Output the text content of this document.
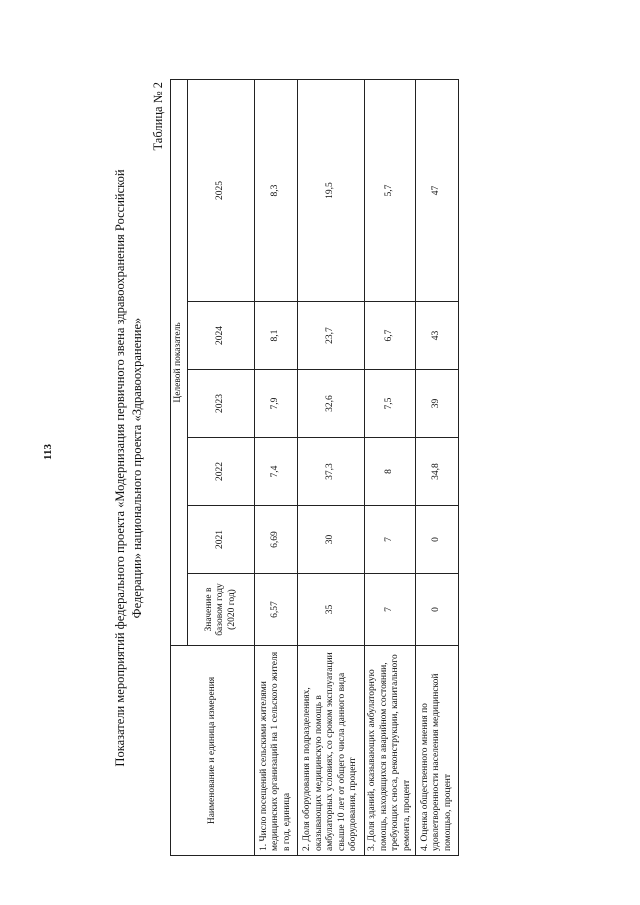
113	Показатели мероприятий федерального проекта «Модернизация первичного звена здравоохранения Российской Федерации» национального проекта «Здравоохранение»

Таблица № 2
Наименование и единица измерения	Целевой показатель					
	Значение в базовом году (2020 год)	2021	2022	2023	2024	2025
1. Число посещений сельскими жителями медицинских организаций на 1 сельского жителя в год, единица	6,57	6,69	7,4	7,9	8,1	8,3
2. Доля оборудования в подразделениях, оказывающих медицинскую помощь в амбулаторных условиях, со сроком эксплуатации свыше 10 лет от общего числа данного вида оборудования, процент	35	30	37,3	32,6	23,7	19,5
3. Доля зданий, оказывающих амбулаторную помощь, находящихся в аварийном состоянии, требующих сноса, реконструкции, капитального ремонта, процент	7	7	8	7,5	6,7	5,7
4. Оценка общественного мнения по удовлетворенности населения медицинской помощью, процент	0	0	34,8	39	43	47
